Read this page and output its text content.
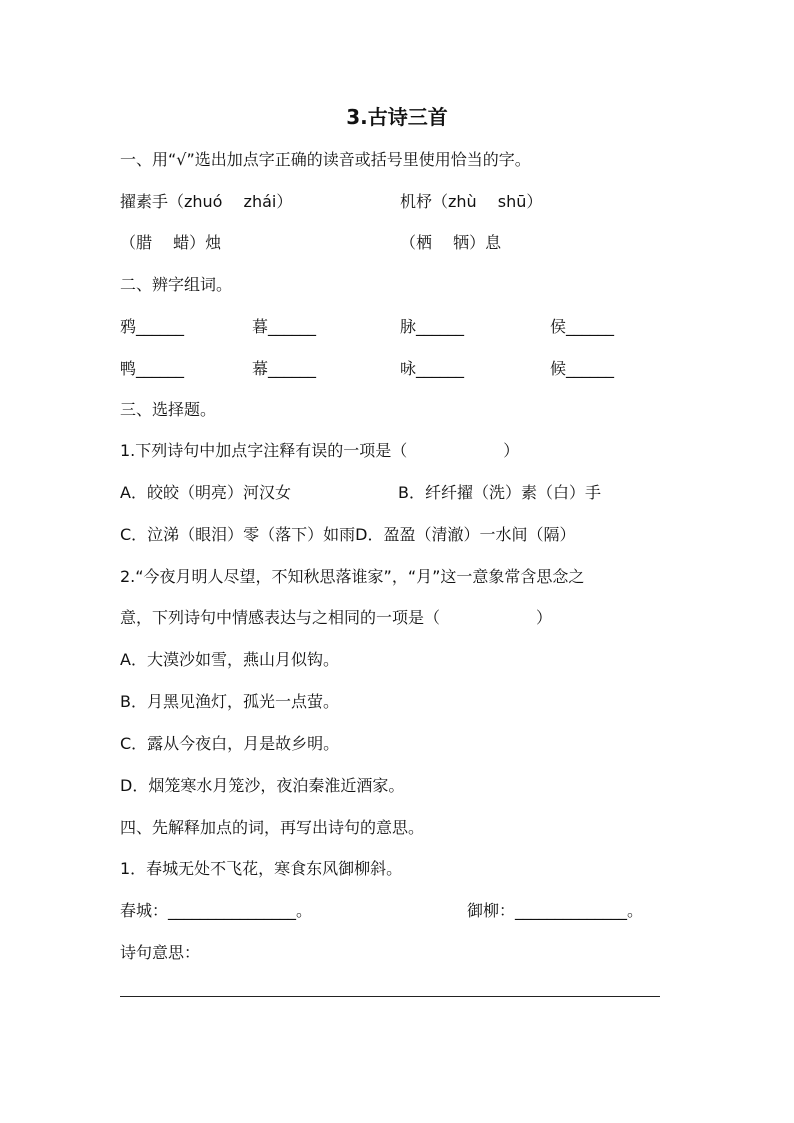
3.古诗三首
一、用“√”选出加点字正确的读音或括号里使用恰当的字。
擢素手（zhuó　 zhái）	机杼（zhù　 shū）
（腊　 蜡）烛	（栖　 牺）息
二、辨字组词。
鸦______	暮______	脉______	侯______
鸭______	幕______	咏______	候______
三、选择题。
1.下列诗句中加点字注释有误的一项是（　　　　　　）
A．皎皎（明亮）河汉女	B．纤纤擢（洗）素（白）手
C．泣涕（眼泪）零（落下）如雨D．盈盈（清澈）一水间（隔）
2.“今夜月明人尽望，不知秋思落谁家”，“月”这一意象常含思念之
意，下列诗句中情感表达与之相同的一项是（　　　　　　）
A．大漠沙如雪，燕山月似钩。
B．月黑见渔灯，孤光一点萤。
C．露从今夜白，月是故乡明。
D．烟笼寒水月笼沙，夜泊秦淮近酒家。
四、先解释加点的词，再写出诗句的意思。
1．春城无处不飞花，寒食东风御柳斜。
春城：________________。	御柳：______________。
诗句意思：
